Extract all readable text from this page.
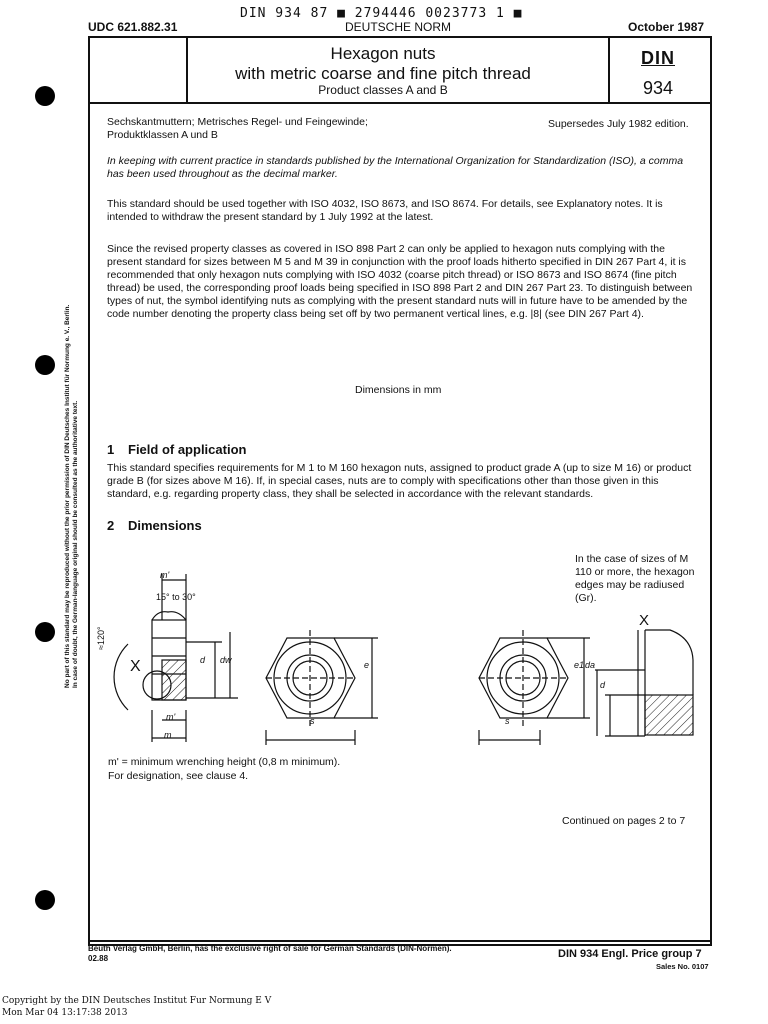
DIN 934 87 ■ 2794446 0023773 1 ■
UDC 621.882.31	DEUTSCHE NORM	October 1987
Hexagon nuts
with metric coarse and fine pitch thread
Product classes A and B
DIN
934
Sechskantmuttern; Metrisches Regel- und Feingewinde; Produktklassen A und B
Supersedes July 1982 edition.
In keeping with current practice in standards published by the International Organization for Standardization (ISO), a comma has been used throughout as the decimal marker.
This standard should be used together with ISO 4032, ISO 8673, and ISO 8674. For details, see Explanatory notes. It is intended to withdraw the present standard by 1 July 1992 at the latest.
Since the revised property classes as covered in ISO 898 Part 2 can only be applied to hexagon nuts complying with the present standard for sizes between M 5 and M 39 in conjunction with the proof loads hitherto specified in DIN 267 Part 4, it is recommended that only hexagon nuts complying with ISO 4032 (coarse pitch thread) or ISO 8673 and ISO 8674 (fine pitch thread) be used, the corresponding proof loads being specified in ISO 898 Part 2 and DIN 267 Part 23. To distinguish between types of nut, the symbol identifying nuts as complying with the present standard nuts will in future have to be amended by the code number denoting the property class being set off by two permanent vertical lines, e.g. |8| (see DIN 267 Part 4).
Dimensions in mm
1 Field of application
This standard specifies requirements for M 1 to M 160 hexagon nuts, assigned to product grade A (up to size M 16) or product grade B (for sizes above M 16). If, in special cases, nuts are to comply with specifications other than those given in this standard, e.g. regarding property class, they shall be selected in accordance with the relevant standards.
2 Dimensions
In the case of sizes of M 110 or more, the hexagon edges may be radiused (Gr).
m'
15° to 30°
≈120°
X	d dw
m'
m
e
s
e1
s
X
da
d
m' = minimum wrenching height (0,8 m minimum).
For designation, see clause 4.
Continued on pages 2 to 7
No part of this standard may be reproduced without the prior permission of DIN Deutsches Institut für Normung e. V., Berlin. In case of doubt, the German-language original should be consulted as the authoritative text.
Beuth Verlag GmbH, Berlin, has the exclusive right of sale for German Standards (DIN-Normen).
02.88	DIN 934 Engl. Price group 7
Sales No. 0107
Copyright by the DIN Deutsches Institut Fur Normung E V
Mon Mar 04 13:17:38 2013
